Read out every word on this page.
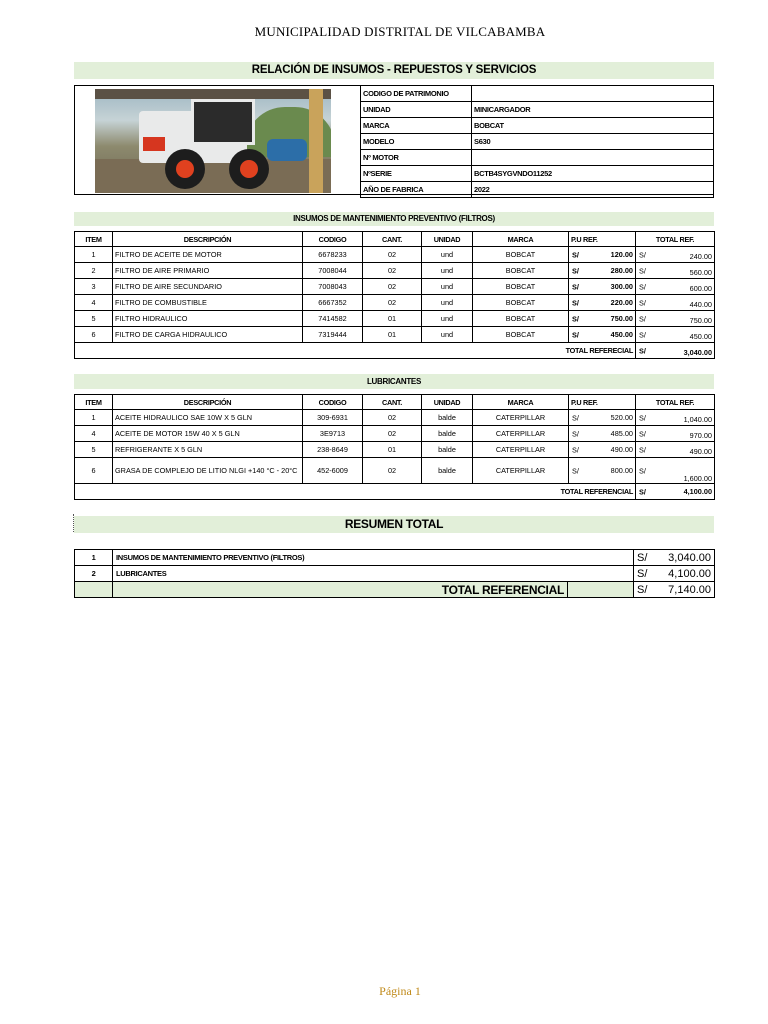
MUNICIPALIDAD DISTRITAL DE VILCABAMBA
RELACIÓN DE INSUMOS - REPUESTOS Y SERVICIOS
CODIGO DE PATRIMONIO	
UNIDAD	MINICARGADOR
MARCA	BOBCAT
MODELO	S630
Nº MOTOR	
NºSERIE	BCTB4SYGVNDO11252
AÑO DE FABRICA	2022
INSUMOS DE MANTENIMIENTO PREVENTIVO (FILTROS)
ITEM	DESCRIPCIÓN	CODIGO	CANT.	UNIDAD	MARCA	P.U REF.	TOTAL REF.
1	FILTRO DE ACEITE DE MOTOR	6678233	02	und	BOBCAT	S/ 120.00	S/ 240.00

2	FILTRO DE AIRE PRIMARIO	7008044	02	und	BOBCAT	S/ 280.00	S/ 560.00

3	FILTRO DE AIRE SECUNDARIO	7008043	02	und	BOBCAT	S/ 300.00	S/ 600.00

4	FILTRO DE COMBUSTIBLE	6667352	02	und	BOBCAT	S/ 220.00	S/ 440.00

5	FILTRO HIDRAULICO	7414582	01	und	BOBCAT	S/ 750.00	S/ 750.00

6	FILTRO DE CARGA HIDRAULICO	7319444	01	und	BOBCAT	S/ 450.00	S/ 450.00

TOTAL REFERECIAL							S/ 3,040.00
LUBRICANTES
ITEM	DESCRIPCIÓN	CODIGO	CANT.	UNIDAD	MARCA	P.U REF.	TOTAL REF.
1	ACEITE HIDRAULICO SAE 10W X 5 GLN	309-6931	02	balde	CATERPILLAR	S/ 520.00	S/ 1,040.00

4	ACEITE DE MOTOR 15W 40 X 5 GLN	3E9713	02	balde	CATERPILLAR	S/ 485.00	S/ 970.00

5	REFRIGERANTE X 5 GLN	238-8649	01	balde	CATERPILLAR	S/ 490.00	S/ 490.00

6	GRASA DE COMPLEJO DE LITIO NLGI +140 °C - 20°C	452-6009	02	balde	CATERPILLAR	S/ 800.00	S/
1,600.00

TOTAL REFERENCIAL							S/ 4,100.00
RESUMEN TOTAL
1	INSUMOS DE MANTENIMIENTO PREVENTIVO (FILTROS)		S/ 3,040.00

2	LUBRICANTES		S/ 4,100.00

	TOTAL REFERENCIAL		S/ 7,140.00
Página 1
